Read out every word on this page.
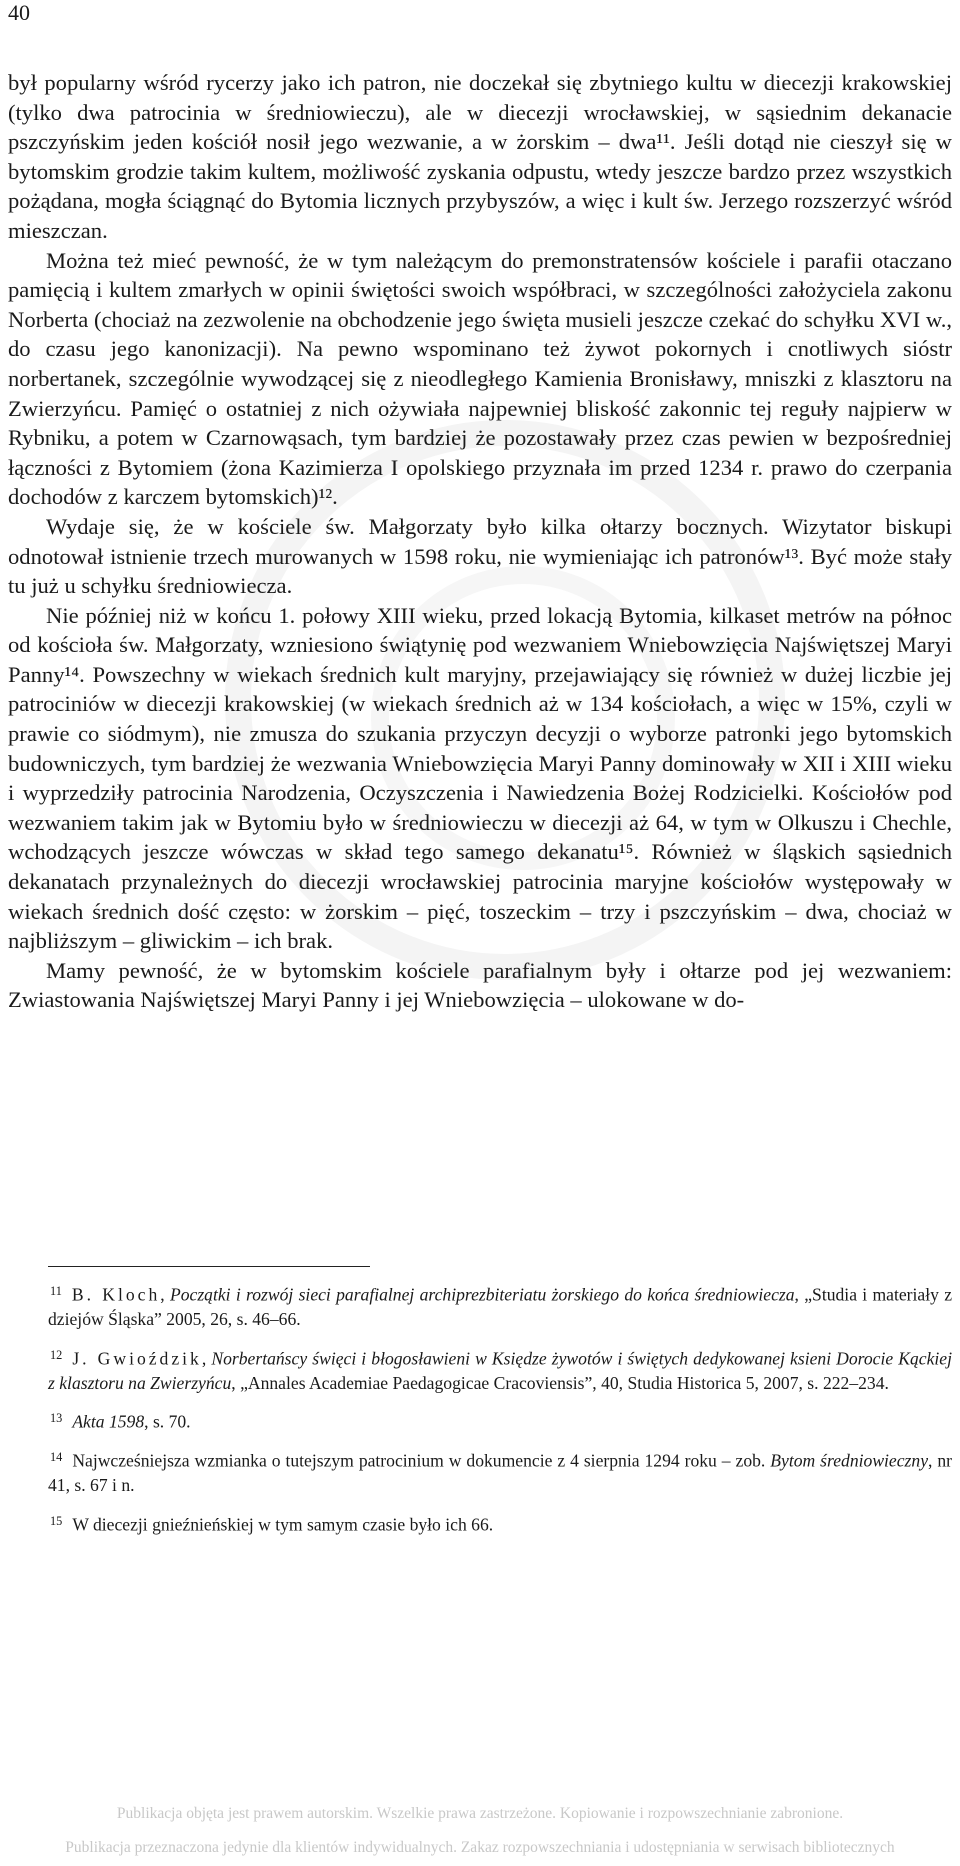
40

był popularny wśród rycerzy jako ich patron, nie doczekał się zbytniego kultu w diecezji krakowskiej (tylko dwa patrocinia w średniowieczu), ale w diecezji wrocławskiej, w sąsiednim dekanacie pszczyńskim jeden kościół nosił jego wezwanie, a w żorskim – dwa¹¹. Jeśli dotąd nie cieszył się w bytomskim grodzie takim kultem, możliwość zyskania odpustu, wtedy jeszcze bardzo przez wszystkich pożądana, mogła ściągnąć do Bytomia licznych przybyszów, a więc i kult św. Jerzego rozszerzyć wśród mieszczan.

Można też mieć pewność, że w tym należącym do premonstratensów kościele i parafii otaczano pamięcią i kultem zmarłych w opinii świętości swoich współbraci, w szczególności założyciela zakonu Norberta (chociaż na zezwolenie na obchodzenie jego święta musieli jeszcze czekać do schyłku XVI w., do czasu jego kanonizacji). Na pewno wspominano też żywot pokornych i cnotliwych sióstr norbertanek, szczególnie wywodzącej się z nieodległego Kamienia Bronisławy, mniszki z klasztoru na Zwierzyńcu. Pamięć o ostatniej z nich ożywiała najpewniej bliskość zakonnic tej reguły najpierw w Rybniku, a potem w Czarnowąsach, tym bardziej że pozostawały przez czas pewien w bezpośredniej łączności z Bytomiem (żona Kazimierza I opolskiego przyznała im przed 1234 r. prawo do czerpania dochodów z karczem bytomskich)¹².

Wydaje się, że w kościele św. Małgorzaty było kilka ołtarzy bocznych. Wizytator biskupi odnotował istnienie trzech murowanych w 1598 roku, nie wymieniając ich patronów¹³. Być może stały tu już u schyłku średniowiecza.

Nie później niż w końcu 1. połowy XIII wieku, przed lokacją Bytomia, kilkaset metrów na północ od kościoła św. Małgorzaty, wzniesiono świątynię pod wezwaniem Wniebowzięcia Najświętszej Maryi Panny¹⁴. Powszechny w wiekach średnich kult maryjny, przejawiający się również w dużej liczbie jej patrociniów w diecezji krakowskiej (w wiekach średnich aż w 134 kościołach, a więc w 15%, czyli w prawie co siódmym), nie zmusza do szukania przyczyn decyzji o wyborze patronki jego bytomskich budowniczych, tym bardziej że wezwania Wniebowzięcia Maryi Panny dominowały w XII i XIII wieku i wyprzedziły patrocinia Narodzenia, Oczyszczenia i Nawiedzenia Bożej Rodzicielki. Kościołów pod wezwaniem takim jak w Bytomiu było w średniowieczu w diecezji aż 64, w tym w Olkuszu i Chechle, wchodzących jeszcze wówczas w skład tego samego dekanatu¹⁵. Również w śląskich sąsiednich dekanatach przynależnych do diecezji wrocławskiej patrocinia maryjne kościołów występowały w wiekach średnich dość często: w żorskim – pięć, toszeckim – trzy i pszczyńskim – dwa, chociaż w najbliższym – gliwickim – ich brak.

Mamy pewność, że w bytomskim kościele parafialnym były i ołtarze pod jej wezwaniem: Zwiastowania Najświętszej Maryi Panny i jej Wniebowzięcia – ulokowane w do-

$^{11}$ B. Kloch, Początki i rozwój sieci parafialnej archiprezbiteriatu żorskiego do końca średniowiecza, „Studia i materiały z dziejów Śląska” 2005, 26, s. 46–66.

$^{12}$ J. Gwioździk, Norbertańscy święci i błogosławieni w Księdze żywotów i świętych dedykowanej ksieni Dorocie Kąckiej z klasztoru na Zwierzyńcu, „Annales Academiae Paedagogicae Cracoviensis”, 40, Studia Historica 5, 2007, s. 222–234.

$^{13}$ Akta 1598, s. 70.

$^{14}$ Najwcześniejsza wzmianka o tutejszym patrocinium w dokumencie z 4 sierpnia 1294 roku – zob. Bytom średniowieczny, nr 41, s. 67 i n.

$^{15}$ W diecezji gnieźnieńskiej w tym samym czasie było ich 66.

Publikacja objęta jest prawem autorskim. Wszelkie prawa zastrzeżone. Kopiowanie i rozpowszechnianie zabronione.
Publikacja przeznaczona jedynie dla klientów indywidualnych. Zakaz rozpowszechniania i udostępniania w serwisach bibliotecznych
